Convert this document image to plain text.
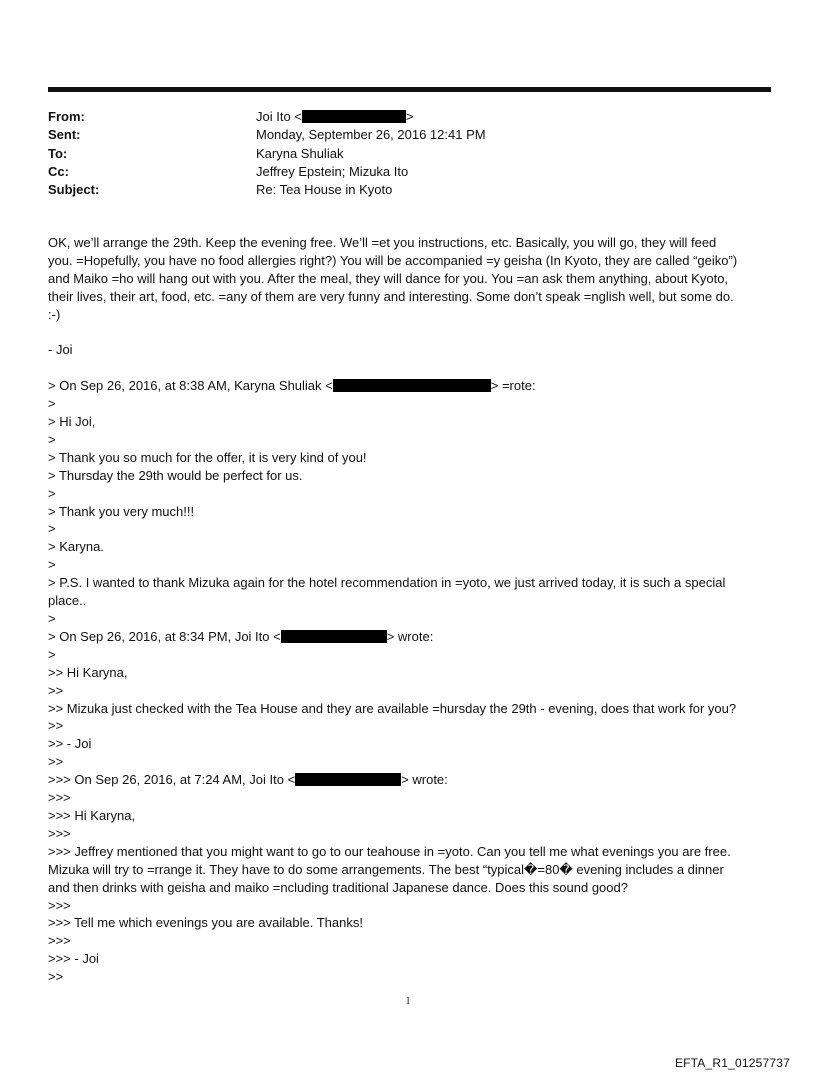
From:	Joi Ito <	>
Sent:	Monday, September 26, 2016 12:41 PM
To:	Karyna Shuliak
Cc:	Jeffrey Epstein; Mizuka Ito
Subject:	Re: Tea House in Kyoto
OK, we’ll arrange the 29th. Keep the evening free. We’ll =et you instructions, etc. Basically, you will go, they will feed
you. =Hopefully, you have no food allergies right?) You will be accompanied =y geisha (In Kyoto, they are called “geiko”)
and Maiko =ho will hang out with you. After the meal, they will dance for you. You =an ask them anything, about Kyoto,
their lives, their art, food, etc. =any of them are very funny and interesting. Some don’t speak =nglish well, but some do.
:-)
- Joi
> On Sep 26, 2016, at 8:38 AM, Karyna Shuliak <	> =rote:
>
> Hi Joi,
>
> Thank you so much for the offer, it is very kind of you!
> Thursday the 29th would be perfect for us.
>
> Thank you very much!!!
>
> Karyna.
>
> P.S. I wanted to thank Mizuka again for the hotel recommendation in =yoto, we just arrived today, it is such a special
place..
>
> On Sep 26, 2016, at 8:34 PM, Joi Ito <	> wrote:
>
>> Hi Karyna,
>>
>> Mizuka just checked with the Tea House and they are available =hursday the 29th - evening, does that work for you?
>>
>> - Joi
>>
>>> On Sep 26, 2016, at 7:24 AM, Joi Ito <	> wrote:
>>>
>>> Hi Karyna,
>>>
>>> Jeffrey mentioned that you might want to go to our teahouse in =yoto. Can you tell me what evenings you are free.
Mizuka will try to =rrange it. They have to do some arrangements. The best “typical�=80� evening includes a dinner
and then drinks with geisha and maiko =ncluding traditional Japanese dance. Does this sound good?
>>>
>>> Tell me which evenings you are available. Thanks!
>>>
>>> - Joi
>>
1
EFTA_R1_01257737
